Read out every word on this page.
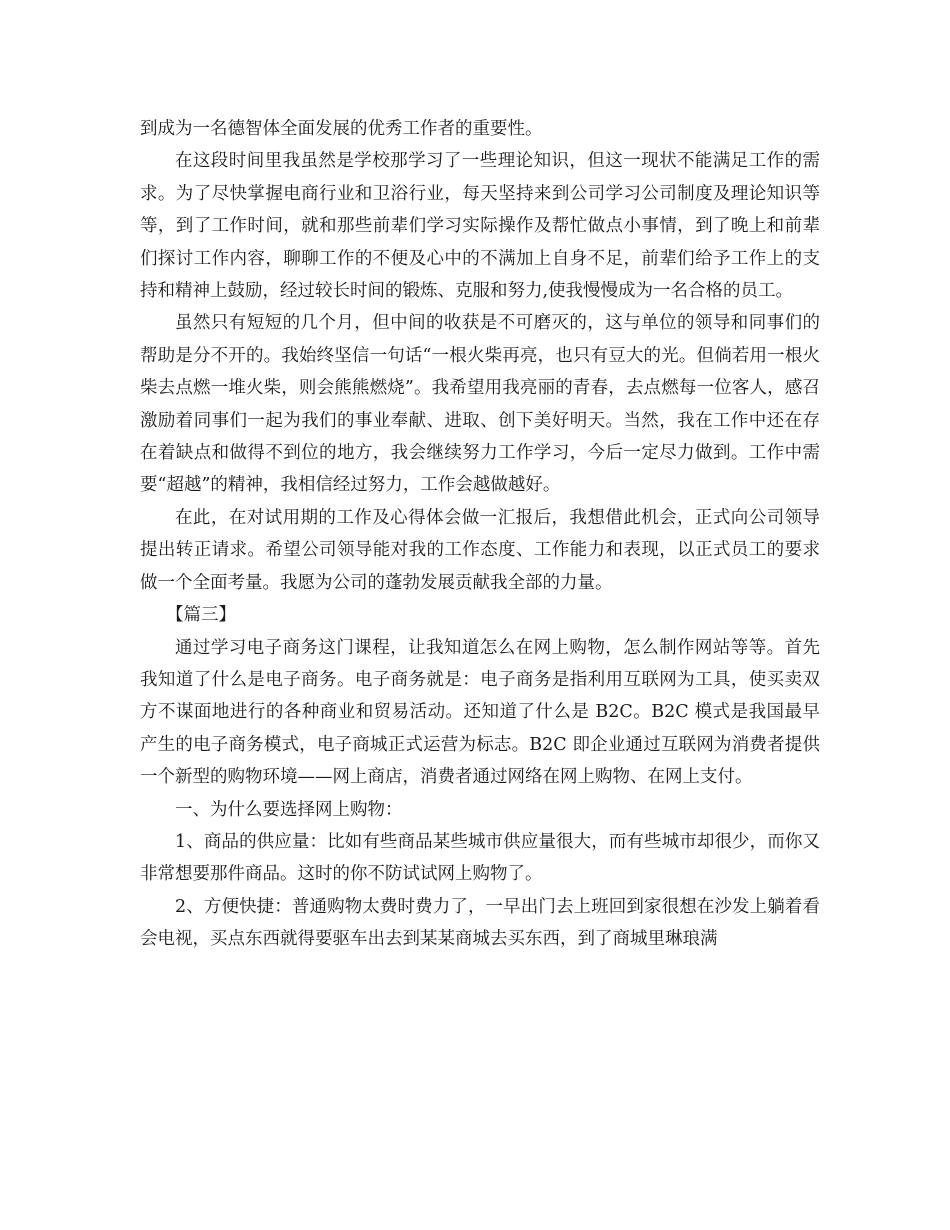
到成为一名德智体全面发展的优秀工作者的重要性。

在这段时间里我虽然是学校那学习了一些理论知识，但这一现状不能满足工作的需求。为了尽快掌握电商行业和卫浴行业，每天坚持来到公司学习公司制度及理论知识等等，到了工作时间，就和那些前辈们学习实际操作及帮忙做点小事情，到了晚上和前辈们探讨工作内容，聊聊工作的不便及心中的不满加上自身不足，前辈们给予工作上的支持和精神上鼓励，经过较长时间的锻炼、克服和努力,使我慢慢成为一名合格的员工。

虽然只有短短的几个月，但中间的收获是不可磨灭的，这与单位的领导和同事们的帮助是分不开的。我始终坚信一句话“一根火柴再亮，也只有豆大的光。但倘若用一根火柴去点燃一堆火柴，则会熊熊燃烧”。我希望用我亮丽的青春，去点燃每一位客人，感召激励着同事们一起为我们的事业奉献、进取、创下美好明天。当然，我在工作中还在存在着缺点和做得不到位的地方，我会继续努力工作学习，今后一定尽力做到。工作中需要“超越”的精神，我相信经过努力，工作会越做越好。

在此，在对试用期的工作及心得体会做一汇报后，我想借此机会，正式向公司领导提出转正请求。希望公司领导能对我的工作态度、工作能力和表现，以正式员工的要求做一个全面考量。我愿为公司的蓬勃发展贡献我全部的力量。

【篇三】

通过学习电子商务这门课程，让我知道怎么在网上购物，怎么制作网站等等。首先我知道了什么是电子商务。电子商务就是：电子商务是指利用互联网为工具，使买卖双方不谋面地进行的各种商业和贸易活动。还知道了什么是 B2C。B2C 模式是我国最早产生的电子商务模式，电子商城正式运营为标志。B2C 即企业通过互联网为消费者提供一个新型的购物环境——网上商店，消费者通过网络在网上购物、在网上支付。

一、为什么要选择网上购物：

1、商品的供应量：比如有些商品某些城市供应量很大，而有些城市却很少，而你又非常想要那件商品。这时的你不防试试网上购物了。

2、方便快捷：普通购物太费时费力了，一早出门去上班回到家很想在沙发上躺着看会电视，买点东西就得要驱车出去到某某商城去买东西，到了商城里琳琅满
